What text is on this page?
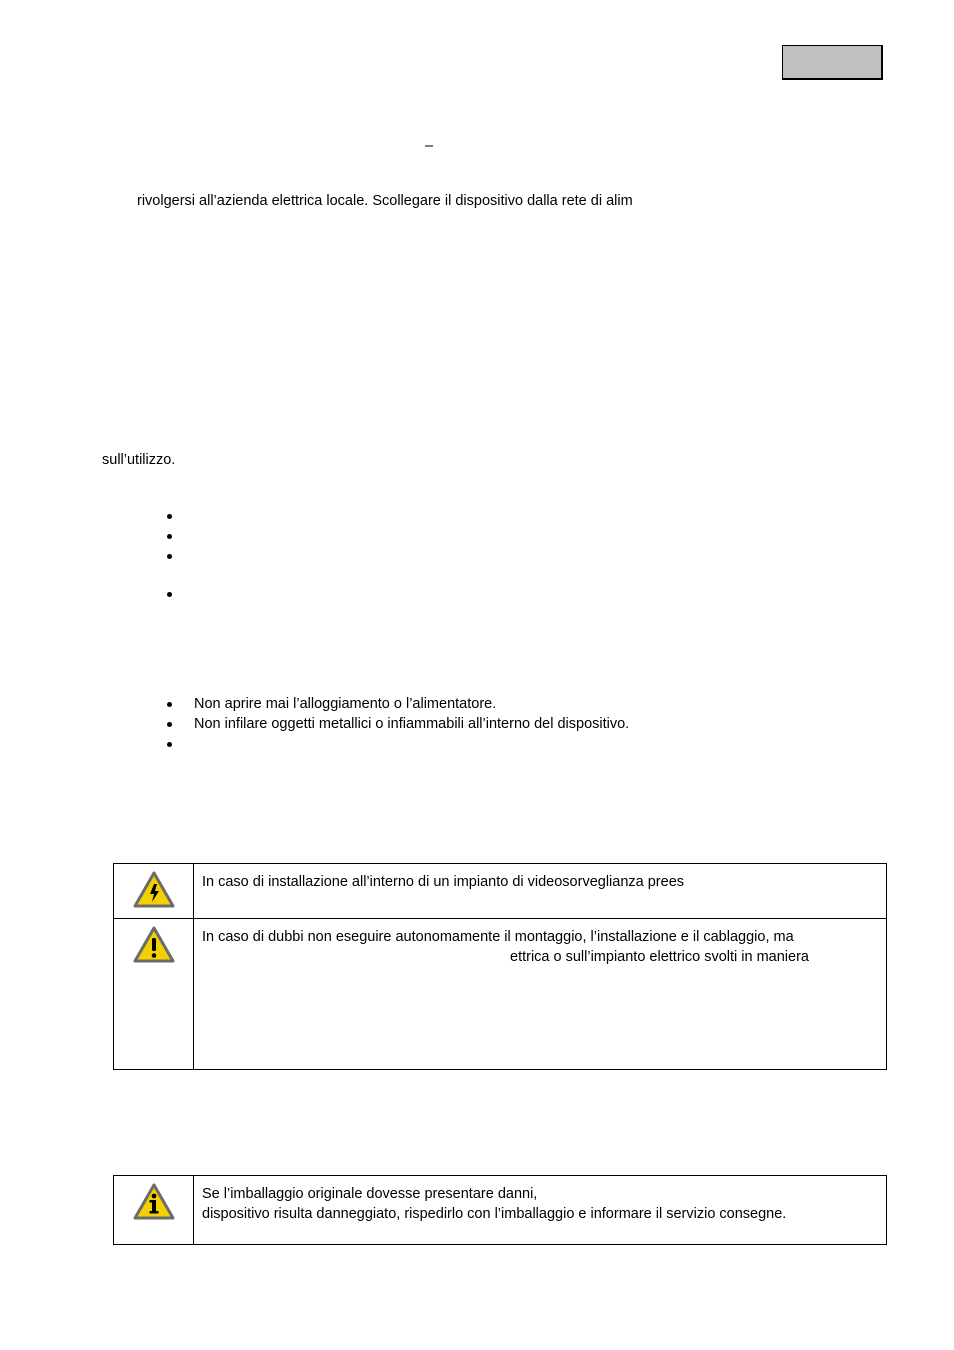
–
rivolgersi all’azienda elettrica locale. Scollegare il dispositivo dalla rete di alim
sull’utilizzo.
Non aprire mai l’alloggiamento o l’alimentatore.
Non infilare oggetti metallici o infiammabili all’interno del dispositivo.

In caso di installazione all’interno di un impianto di videosorveglianza prees

In caso di dubbi non eseguire autonomamente il montaggio, l’installazione e il cablaggio, ma
ettrica o sull’impianto elettrico svolti in maniera

Se l’imballaggio originale dovesse presentare danni,
dispositivo risulta danneggiato, rispedirlo con l’imballaggio e informare il servizio consegne.
